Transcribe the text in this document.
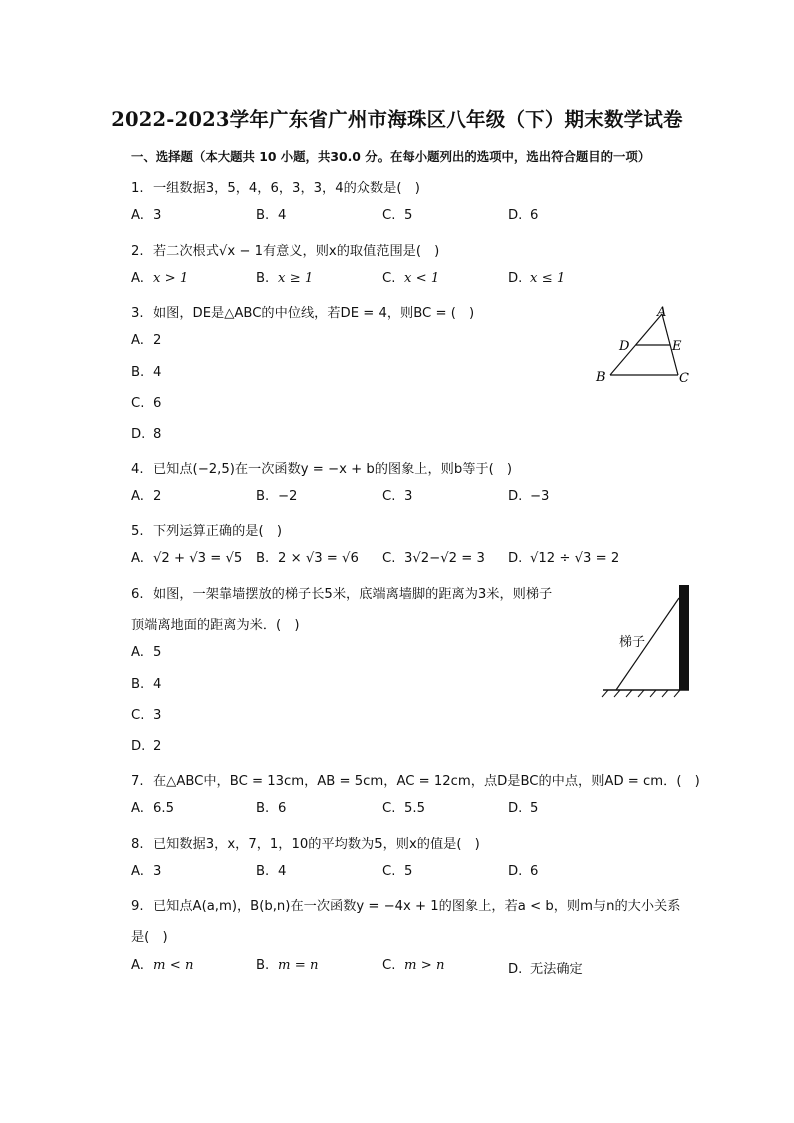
2022-2023学年广东省广州市海珠区八年级（下）期末数学试卷
一、选择题（本大题共 10 小题，共30.0 分。在每小题列出的选项中，选出符合题目的一项）
1. 一组数据3，5，4，6，3，3，4的众数是(　)
A. 3	B. 4	C. 5	D. 6
2. 若二次根式√x − 1有意义，则x的取值范围是(　)
A. x > 1	B. x ≥ 1	C. x < 1	D. x ≤ 1
3. 如图，DE是△ABC的中位线，若DE = 4，则BC = (　)
A. 2
B. 4
C. 6
D. 8
A
D	E
B	C
4. 已知点(−2,5)在一次函数y = −x + b的图象上，则b等于(　)
A. 2	B. −2	C. 3	D. −3
5. 下列运算正确的是(　)
A. √2 + √3 = √5 B. 2 × √3 = √6 C. 3√2−√2 = 3 D. √12 ÷ √3 = 2
6. 如图，一架靠墙摆放的梯子长5米，底端离墙脚的距离为3米，则梯子
顶端离地面的距离为米．(　)
A. 5
B. 4
C. 3
D. 2
梯子
7. 在△ABC中，BC = 13cm，AB = 5cm，AC = 12cm，点D是BC的中点，则AD = cm．(　)
A. 6.5	B. 6	C. 5.5	D. 5
8. 已知数据3，x，7，1，10的平均数为5，则x的值是(　)
A. 3	B. 4	C. 5	D. 6
9. 已知点A(a,m)，B(b,n)在一次函数y = −4x + 1的图象上，若a < b，则m与n的大小关系
是(　)
A. m < n	B. m = n	C. m > n	D. 无法确定
